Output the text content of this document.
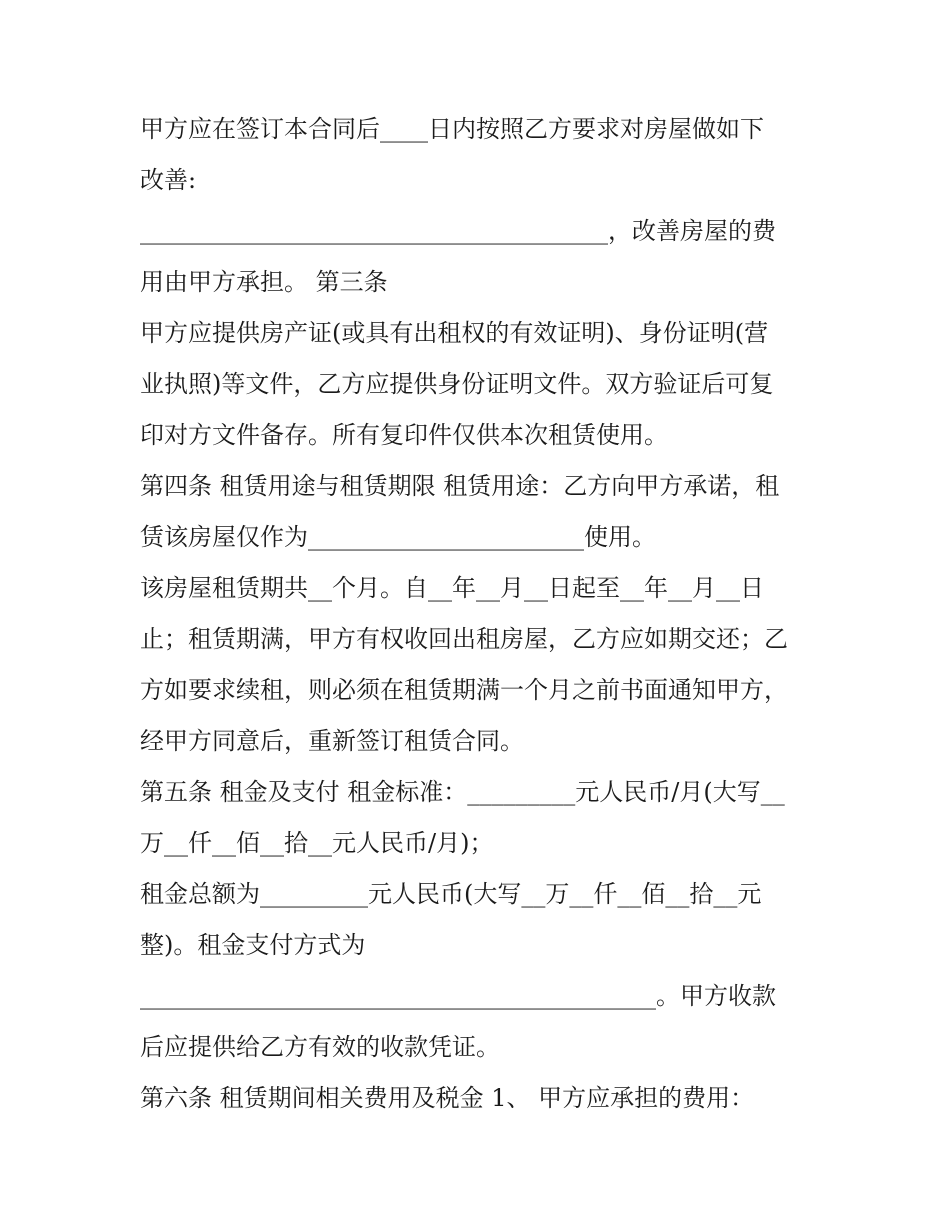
甲方应在签订本合同后____日内按照乙方要求对房屋做如下
改善:
_______________________________________，改善房屋的费
用由甲方承担。 第三条
甲方应提供房产证(或具有出租权的有效证明)、身份证明(营
业执照)等文件，乙方应提供身份证明文件。双方验证后可复
印对方文件备存。所有复印件仅供本次租赁使用。
第四条 租赁用途与租赁期限 租赁用途：乙方向甲方承诺，租
赁该房屋仅作为_______________________使用。
该房屋租赁期共__个月。自__年__月__日起至__年__月__日
止；租赁期满，甲方有权收回出租房屋，乙方应如期交还；乙
方如要求续租，则必须在租赁期满一个月之前书面通知甲方，
经甲方同意后，重新签订租赁合同。
第五条 租金及支付 租金标准：_________元人民币/月(大写__
万__仟__佰__拾__元人民币/月)；
租金总额为_________元人民币(大写__万__仟__佰__拾__元
整)。租金支付方式为
___________________________________________。甲方收款
后应提供给乙方有效的收款凭证。
第六条 租赁期间相关费用及税金 1、 甲方应承担的费用：
